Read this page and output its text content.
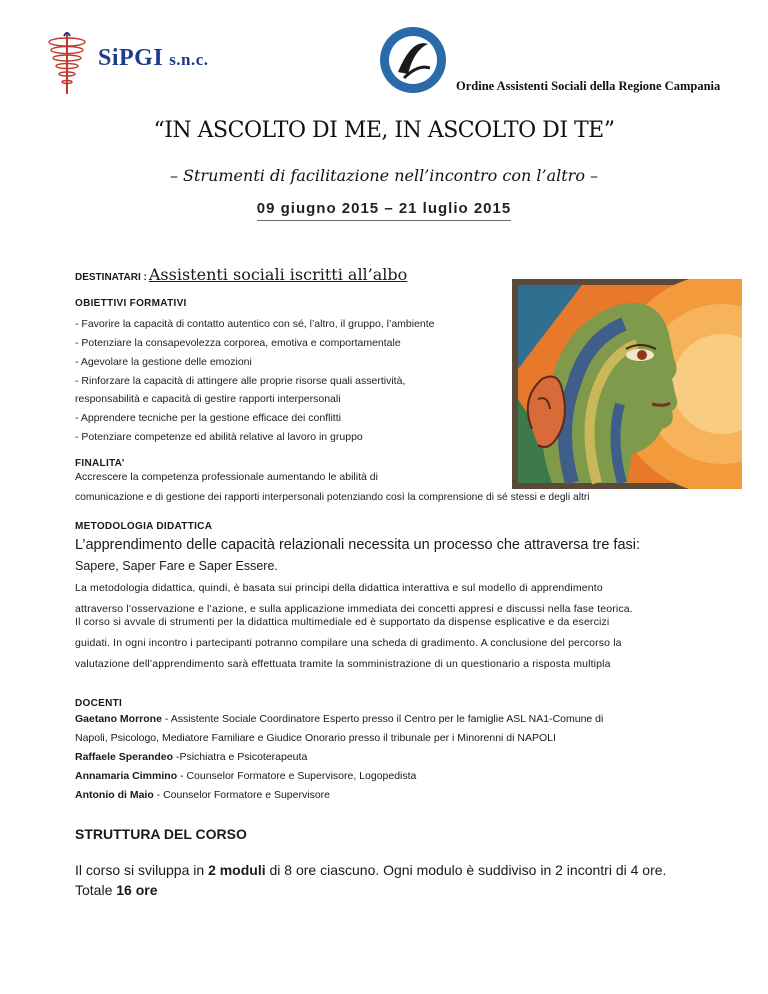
SiPGI s.n.c.
Ordine Assistenti Sociali della Regione Campania
“IN ASCOLTO DI ME, IN ASCOLTO DI TE”
– Strumenti di facilitazione nell’incontro con l’altro –
09 giugno 2015 – 21 luglio 2015
DESTINATARI : Assistenti sociali iscritti all’albo
OBIETTIVI FORMATIVI
- Favorire la capacità di contatto autentico con sé, l’altro, il gruppo, l’ambiente
- Potenziare la consapevolezza corporea, emotiva e comportamentale
- Agevolare la gestione delle emozioni
- Rinforzare la capacità di attingere alle proprie risorse quali assertività,
responsabilità e capacità di gestire rapporti interpersonali
- Apprendere tecniche per la gestione efficace dei conflitti
- Potenziare competenze ed abilità relative al lavoro in gruppo
FINALITA’
Accrescere la competenza professionale aumentando le abilità di
comunicazione e di gestione dei rapporti interpersonali potenziando così la comprensione di sé stessi e degli altri
METODOLOGIA DIDATTICA
L’apprendimento delle capacità relazionali necessita un processo che attraversa tre fasi:
Sapere, Saper Fare e Saper Essere.
La metodologia didattica, quindi, è basata sui principi della didattica interattiva e sul modello di apprendimento
attraverso l’osservazione e l’azione, e sulla applicazione immediata dei concetti appresi e discussi nella fase teorica.
Il corso si avvale di strumenti per la didattica multimediale ed è supportato da dispense esplicative e da esercizi
guidati. In ogni incontro i partecipanti potranno compilare una scheda di gradimento. A conclusione del percorso la
valutazione dell’apprendimento sarà effettuata tramite la somministrazione di un questionario a risposta multipla
DOCENTI
Gaetano Morrone - Assistente Sociale Coordinatore Esperto presso il Centro per le famiglie ASL NA1-Comune di
Napoli, Psicologo, Mediatore Familiare e Giudice Onorario presso il tribunale per i Minorenni di NAPOLI
Raffaele Sperandeo -Psichiatra e Psicoterapeuta
Annamaria Cimmino - Counselor Formatore e Supervisore, Logopedista
Antonio di Maio - Counselor Formatore e Supervisore
STRUTTURA DEL CORSO
Il corso si sviluppa in 2 moduli di 8 ore ciascuno. Ogni modulo è suddiviso in 2 incontri di 4 ore.
Totale 16 ore
